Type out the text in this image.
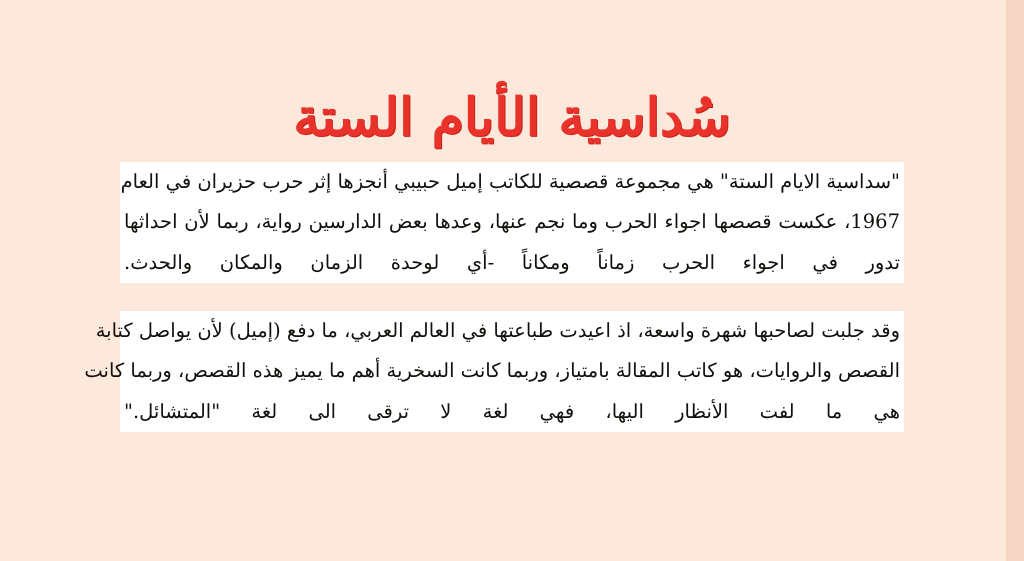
سُداسية الأيام الستة
"سداسية الايام الستة" هي مجموعة قصصية للكاتب إميل حبيبي أنجزها إثر حرب حزيران في العام
1967، عكست قصصها اجواء الحرب وما نجم عنها، وعدها بعض الدارسين رواية، ربما لأن احداثها
تدور في اجواء الحرب زماناً ومكاناً -أي لوحدة الزمان والمكان والحدث.
وقد جلبت لصاحبها شهرة واسعة، اذ اعيدت طباعتها في العالم العربي، ما دفع (إميل) لأن يواصل كتابة
القصص والروايات، هو كاتب المقالة بامتياز، وربما كانت السخرية أهم ما يميز هذه القصص، وربما كانت
هي ما لفت الأنظار اليها، فهي لغة لا ترقى الى لغة "المتشائل."
